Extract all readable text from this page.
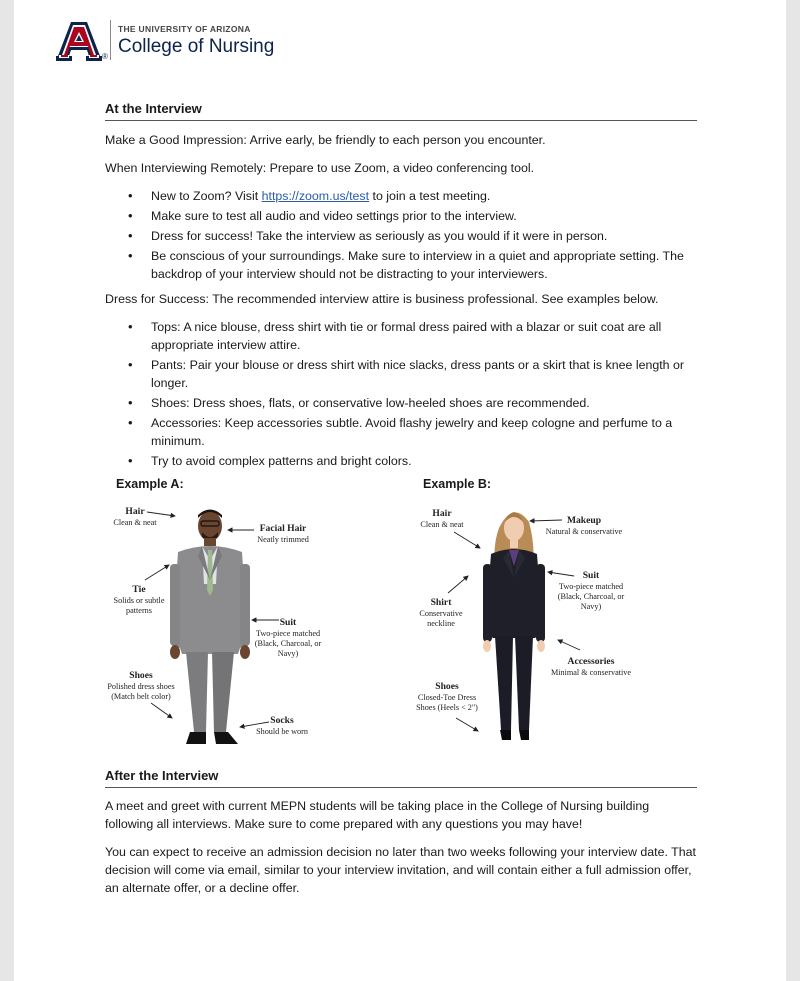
®
THE UNIVERSITY OF ARIZONA
College of Nursing
At the Interview

Make a Good Impression: Arrive early, be friendly to each person you encounter.

When Interviewing Remotely: Prepare to use Zoom, a video conferencing tool.

• New to Zoom? Visit https://zoom.us/test to join a test meeting.
• Make sure to test all audio and video settings prior to the interview.
• Dress for success! Take the interview as seriously as you would if it were in person.
• Be conscious of your surroundings. Make sure to interview in a quiet and appropriate setting. The backdrop of your interview should not be distracting to your interviewers.

Dress for Success: The recommended interview attire is business professional. See examples below.

• Tops: A nice blouse, dress shirt with tie or formal dress paired with a blazar or suit coat are all appropriate interview attire.
• Pants: Pair your blouse or dress shirt with nice slacks, dress pants or a skirt that is knee length or longer.
• Shoes: Dress shoes, flats, or conservative low-heeled shoes are recommended.
• Accessories: Keep accessories subtle. Avoid flashy jewelry and keep cologne and perfume to a minimum.
• Try to avoid complex patterns and bright colors.
After the Interview

A meet and greet with current MEPN students will be taking place in the College of Nursing building following all interviews. Make sure to come prepared with any questions you may have!

You can expect to receive an admission decision no later than two weeks following your interview date. That decision will come via email, similar to your interview invitation, and will contain either a full admission offer, an alternate offer, or a decline offer.

Example A:	Example B:
Hair
Clean & neat
Facial Hair
Neatly trimmed
Tie
Solids or subtle patterns
Suit
Two-piece matched (Black, Charcoal, or Navy)
Shoes
Polished dress shoes (Match belt color)
Socks
Should be worn
Hair
Clean & neat	Makeup
Natural & conservative
Suit
Two-piece matched (Black, Charcoal, or Navy)
Shirt
Conservative neckline
Accessories
Minimal & conservative
Shoes
Closed-Toe Dress Shoes (Heels < 2")
